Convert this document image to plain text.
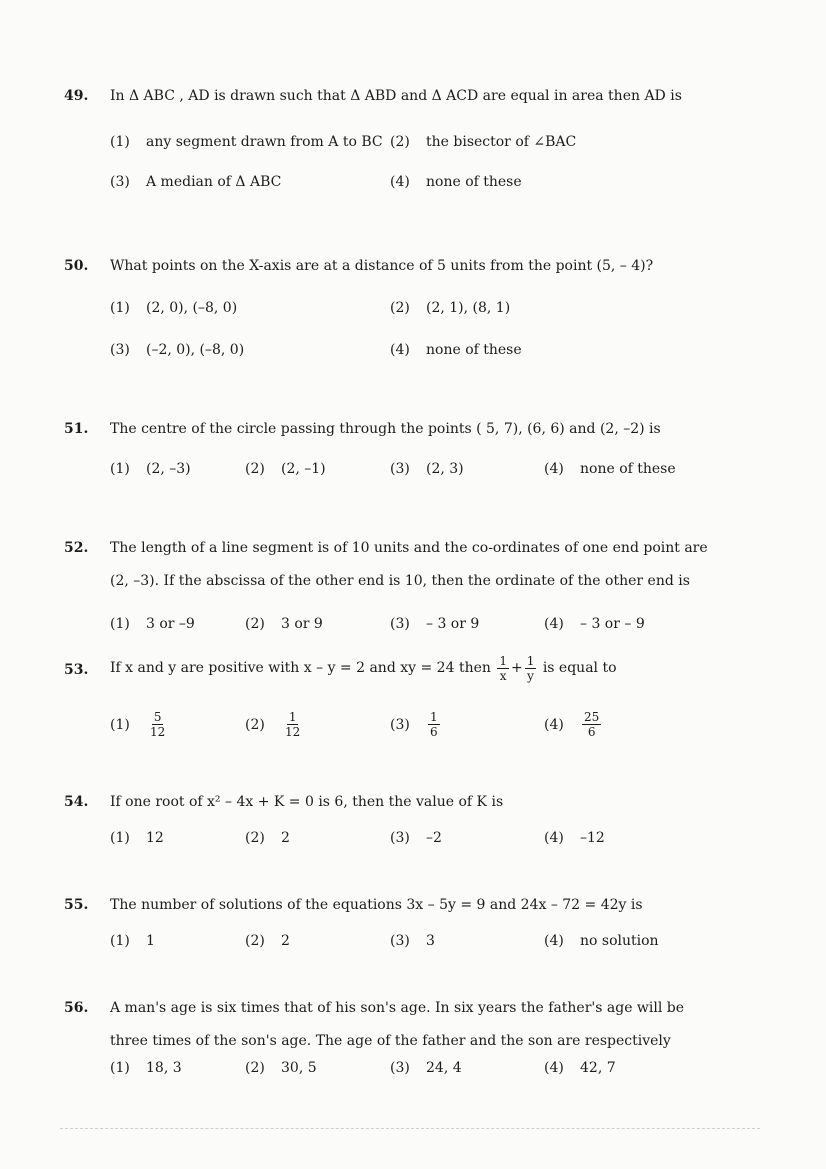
49. In Δ ABC , AD is drawn such that Δ ABD and Δ ACD are equal in area then AD is
(1) any segment drawn from A to BC (2) the bisector of ∠BAC
(3) A median of Δ ABC	(4) none of these
50. What points on the X-axis are at a distance of 5 units from the point (5, – 4)?
(1) (2, 0), (–8, 0)	(2) (2, 1), (8, 1)
(3) (–2, 0), (–8, 0)	(4) none of these
51. The centre of the circle passing through the points ( 5, 7), (6, 6) and (2, –2) is
(1) (2, –3)	(2) (2, –1)	(3) (2, 3)	(4) none of these
52. The length of a line segment is of 10 units and the co-ordinates of one end point are (2, –3). If the abscissa of the other end is 10, then the ordinate of the other end is
(1) 3 or –9	(2) 3 or 9	(3) – 3 or 9	(4) – 3 or – 9
53. If x and y are positive with x – y = 2 and xy = 24 then $\frac{1}{x} + \frac{1}{y}$ is equal to
$(1) \frac{5}{12}$	$(2) \frac{1}{12}$	$(3) \frac{1}{6}$	$(4) \frac{25}{6}$
54. If one root of x² – 4x + K = 0 is 6, then the value of K is
(1) 12	(2) 2	(3) –2	(4) –12
55. The number of solutions of the equations 3x – 5y = 9 and 24x – 72 = 42y is
(1) 1	(2) 2	(3) 3	(4) no solution
56. A man's age is six times that of his son's age. In six years the father's age will be three times of the son's age. The age of the father and the son are respectively
(1) 18, 3	(2) 30, 5	(3) 24, 4	(4) 42, 7
